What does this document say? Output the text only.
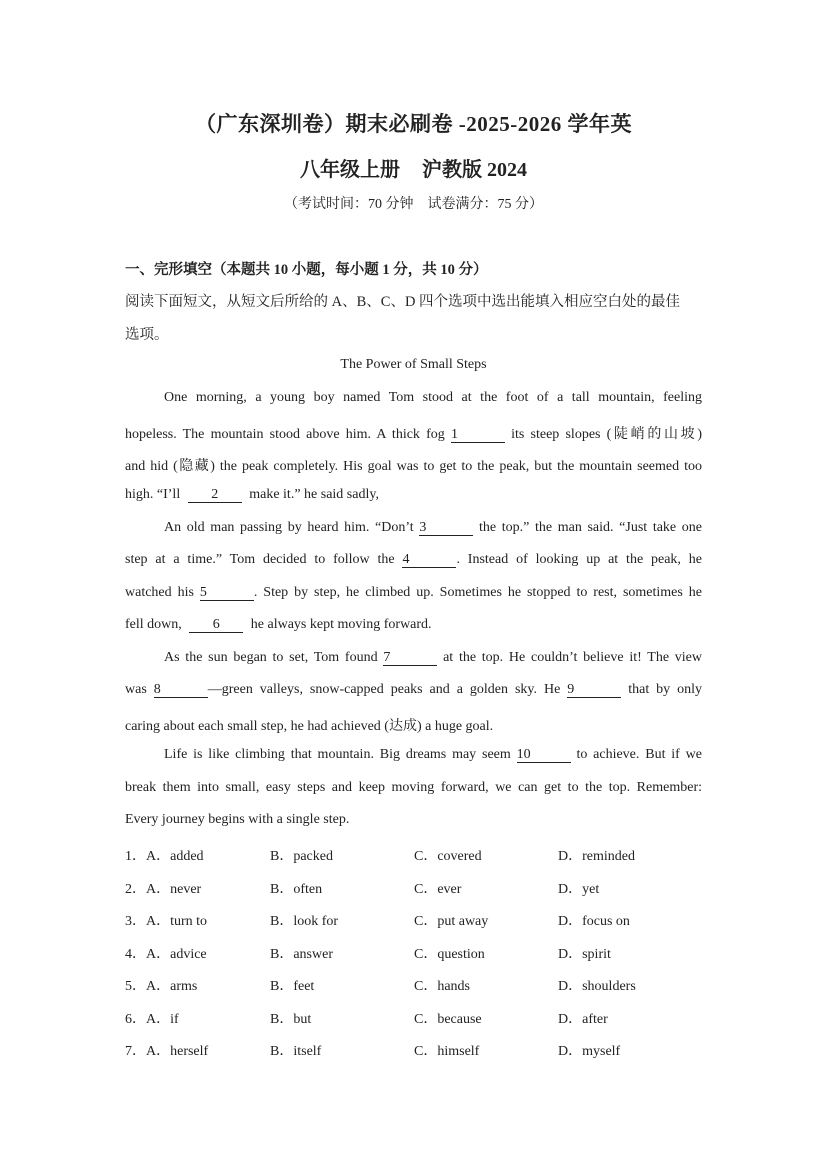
（广东深圳卷）期末必刷卷 -2025-2026 学年英
八年级上册 沪教版 2024
（考试时间：70 分钟 试卷满分：75 分）
一、完形填空（本题共 10 小题，每小题 1 分，共 10 分）
阅读下面短文，从短文后所给的 A、B、C、D 四个选项中选出能填入相应空白处的最佳
选项。
The Power of Small Steps
One morning, a young boy named Tom stood at the foot of a tall mountain, feeling
hopeless. The mountain stood above him. A thick fog 1	its steep slopes (陡峭的山坡)
and hid (隐藏) the peak completely. His goal was to get to the peak, but the mountain seemed too
high. “I’ll 2 make it.” he said sadly,
An old man passing by heard him. “Don’t 3	the top.” the man said. “Just take one
step at a time.” Tom decided to follow the 4	. Instead of looking up at the peak, he
watched his 5	. Step by step, he climbed up. Sometimes he stopped to rest, sometimes he
fell down, 6 he always kept moving forward.
As the sun began to set, Tom found 7	at the top. He couldn’t believe it! The view
was 8	—green valleys, snow-capped peaks and a golden sky. He 9	that by only
caring about each small step, he had achieved (达成) a huge goal.
Life is like climbing that mountain. Big dreams may seem 10	to achieve. But if we
break them into small, easy steps and keep moving forward, we can get to the top. Remember:
Every journey begins with a single step.
1．A．added	B．packed	C．covered	D．reminded
2．A．never	B．often	C．ever	D．yet
3．A．turn to	B．look for	C．put away	D．focus on
4．A．advice	B．answer	C．question	D．spirit
5．A．arms	B．feet	C．hands	D．shoulders
6．A．if	B．but	C．because	D．after
7．A．herself	B．itself	C．himself	D．myself
